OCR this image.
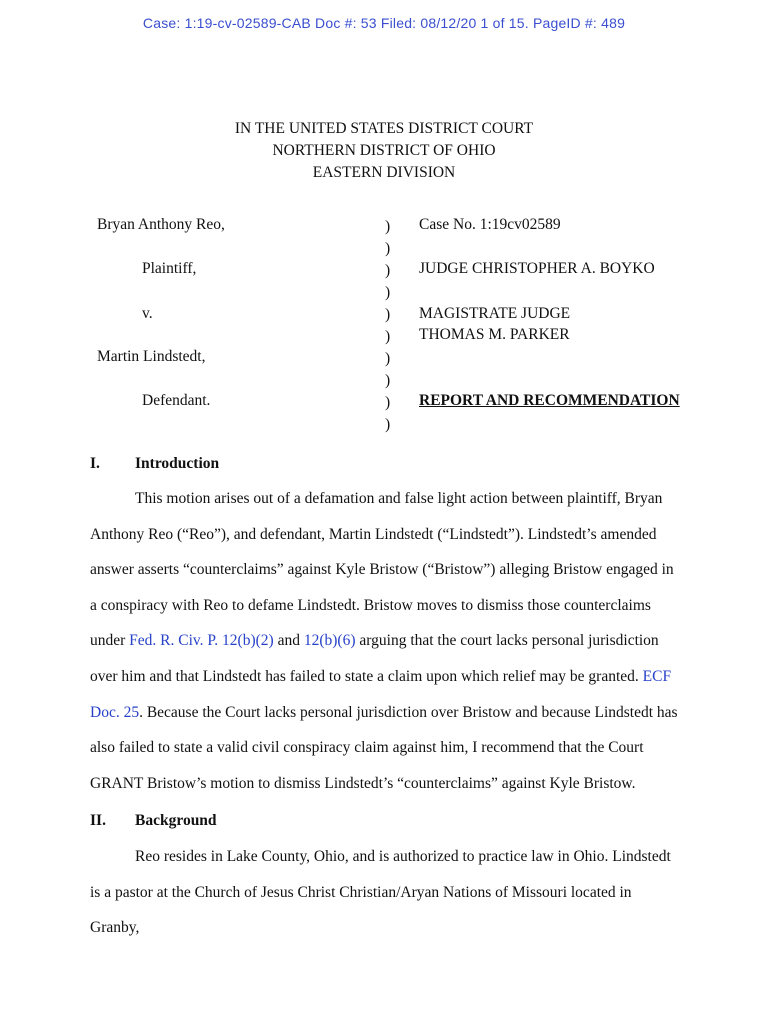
Case: 1:19-cv-02589-CAB Doc #: 53 Filed: 08/12/20 1 of 15. PageID #: 489
IN THE UNITED STATES DISTRICT COURT
NORTHERN DISTRICT OF OHIO
EASTERN DIVISION
Bryan Anthony Reo,
Plaintiff,
v.
Martin Lindstedt,
Defendant.
)
)
)
)
)
)
)
)
)
)
Case No. 1:19cv02589
JUDGE CHRISTOPHER A. BOYKO
MAGISTRATE JUDGE
THOMAS M. PARKER
REPORT AND RECOMMENDATION
I. Introduction

This motion arises out of a defamation and false light action between plaintiff, Bryan Anthony Reo (“Reo”), and defendant, Martin Lindstedt (“Lindstedt”). Lindstedt’s amended answer asserts “counterclaims” against Kyle Bristow (“Bristow”) alleging Bristow engaged in a conspiracy with Reo to defame Lindstedt. Bristow moves to dismiss those counterclaims under Fed. R. Civ. P. 12(b)(2) and 12(b)(6) arguing that the court lacks personal jurisdiction over him and that Lindstedt has failed to state a claim upon which relief may be granted. ECF Doc. 25. Because the Court lacks personal jurisdiction over Bristow and because Lindstedt has also failed to state a valid civil conspiracy claim against him, I recommend that the Court GRANT Bristow’s motion to dismiss Lindstedt’s “counterclaims” against Kyle Bristow.

II. Background

Reo resides in Lake County, Ohio, and is authorized to practice law in Ohio. Lindstedt is a pastor at the Church of Jesus Christ Christian/Aryan Nations of Missouri located in Granby,
